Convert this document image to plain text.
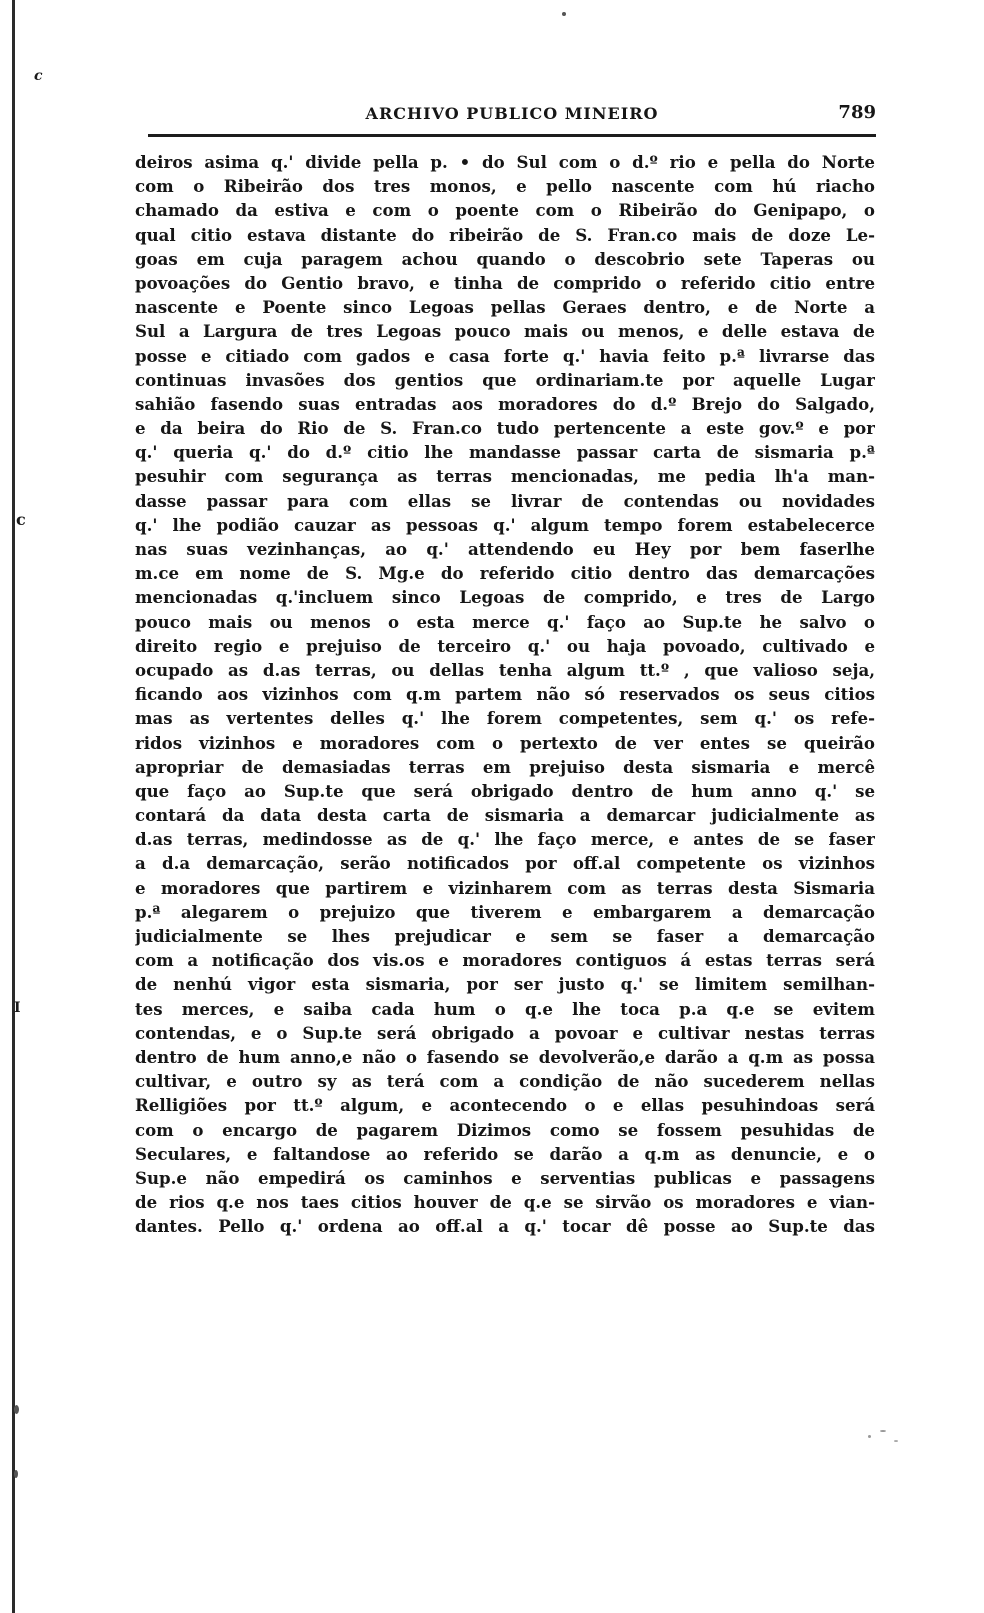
c
c
I
ARCHIVO PUBLICO MINEIRO	789
deiros asima q.' divide pella p. • do Sul com o d.º rio e pella do Norte
com o Ribeirão dos tres monos, e pello nascente com hú riacho
chamado da estiva e com o poente com o Ribeirão do Genipapo, o
qual citio estava distante do ribeirão de S. Fran.co mais de doze Le-
goas em cuja paragem achou quando o descobrio sete Taperas ou
povoações do Gentio bravo, e tinha de comprido o referido citio entre
nascente e Poente sinco Legoas pellas Geraes dentro, e de Norte a
Sul a Largura de tres Legoas pouco mais ou menos, e delle estava de
posse e citiado com gados e casa forte q.' havia feito p.ª livrarse das
continuas invasões dos gentios que ordinariam.te por aquelle Lugar
sahião fasendo suas entradas aos moradores do d.º Brejo do Salgado,
e da beira do Rio de S. Fran.co tudo pertencente a este gov.º e por
q.' queria q.' do d.º citio lhe mandasse passar carta de sismaria p.ª
pesuhir com segurança as terras mencionadas, me pedia lh'a man-
dasse passar para com ellas se livrar de contendas ou novidades
q.' lhe podião cauzar as pessoas q.' algum tempo forem estabelecerce
nas suas vezinhanças, ao q.' attendendo eu Hey por bem faserlhe
m.ce em nome de S. Mg.e do referido citio dentro das demarcações
mencionadas q.'incluem sinco Legoas de comprido, e tres de Largo
pouco mais ou menos o esta merce q.' faço ao Sup.te he salvo o
direito regio e prejuiso de terceiro q.' ou haja povoado, cultivado e
ocupado as d.as terras, ou dellas tenha algum tt.º , que valioso seja,
ficando aos vizinhos com q.m partem não só reservados os seus citios
mas as vertentes delles q.' lhe forem competentes, sem q.' os refe-
ridos vizinhos e moradores com o pertexto de ver entes se queirão
apropriar de demasiadas terras em prejuiso desta sismaria e mercê
que faço ao Sup.te que será obrigado dentro de hum anno q.' se
contará da data desta carta de sismaria a demarcar judicialmente as
d.as terras, medindosse as de q.' lhe faço merce, e antes de se faser
a d.a demarcação, serão notificados por off.al competente os vizinhos
e moradores que partirem e vizinharem com as terras desta Sismaria
p.ª alegarem o prejuizo que tiverem e embargarem a demarcação
judicialmente se lhes prejudicar e sem se faser a demarcação
com a notificação dos vis.os e moradores contiguos á estas terras será
de nenhú vigor esta sismaria, por ser justo q.' se limitem semilhan-
tes merces, e saiba cada hum o q.e lhe toca p.a q.e se evitem
contendas, e o Sup.te será obrigado a povoar e cultivar nestas terras
dentro de hum anno,e não o fasendo se devolverão,e darão a q.m as possa
cultivar, e outro sy as terá com a condição de não sucederem nellas
Relligiões por tt.º algum, e acontecendo o e ellas pesuhindoas será
com o encargo de pagarem Dizimos como se fossem pesuhidas de
Seculares, e faltandose ao referido se darão a q.m as denuncie, e o
Sup.e não empedirá os caminhos e serventias publicas e passagens
de rios q.e nos taes citios houver de q.e se sirvão os moradores e vian-
dantes. Pello q.' ordena ao off.al a q.' tocar dê posse ao Sup.te das
